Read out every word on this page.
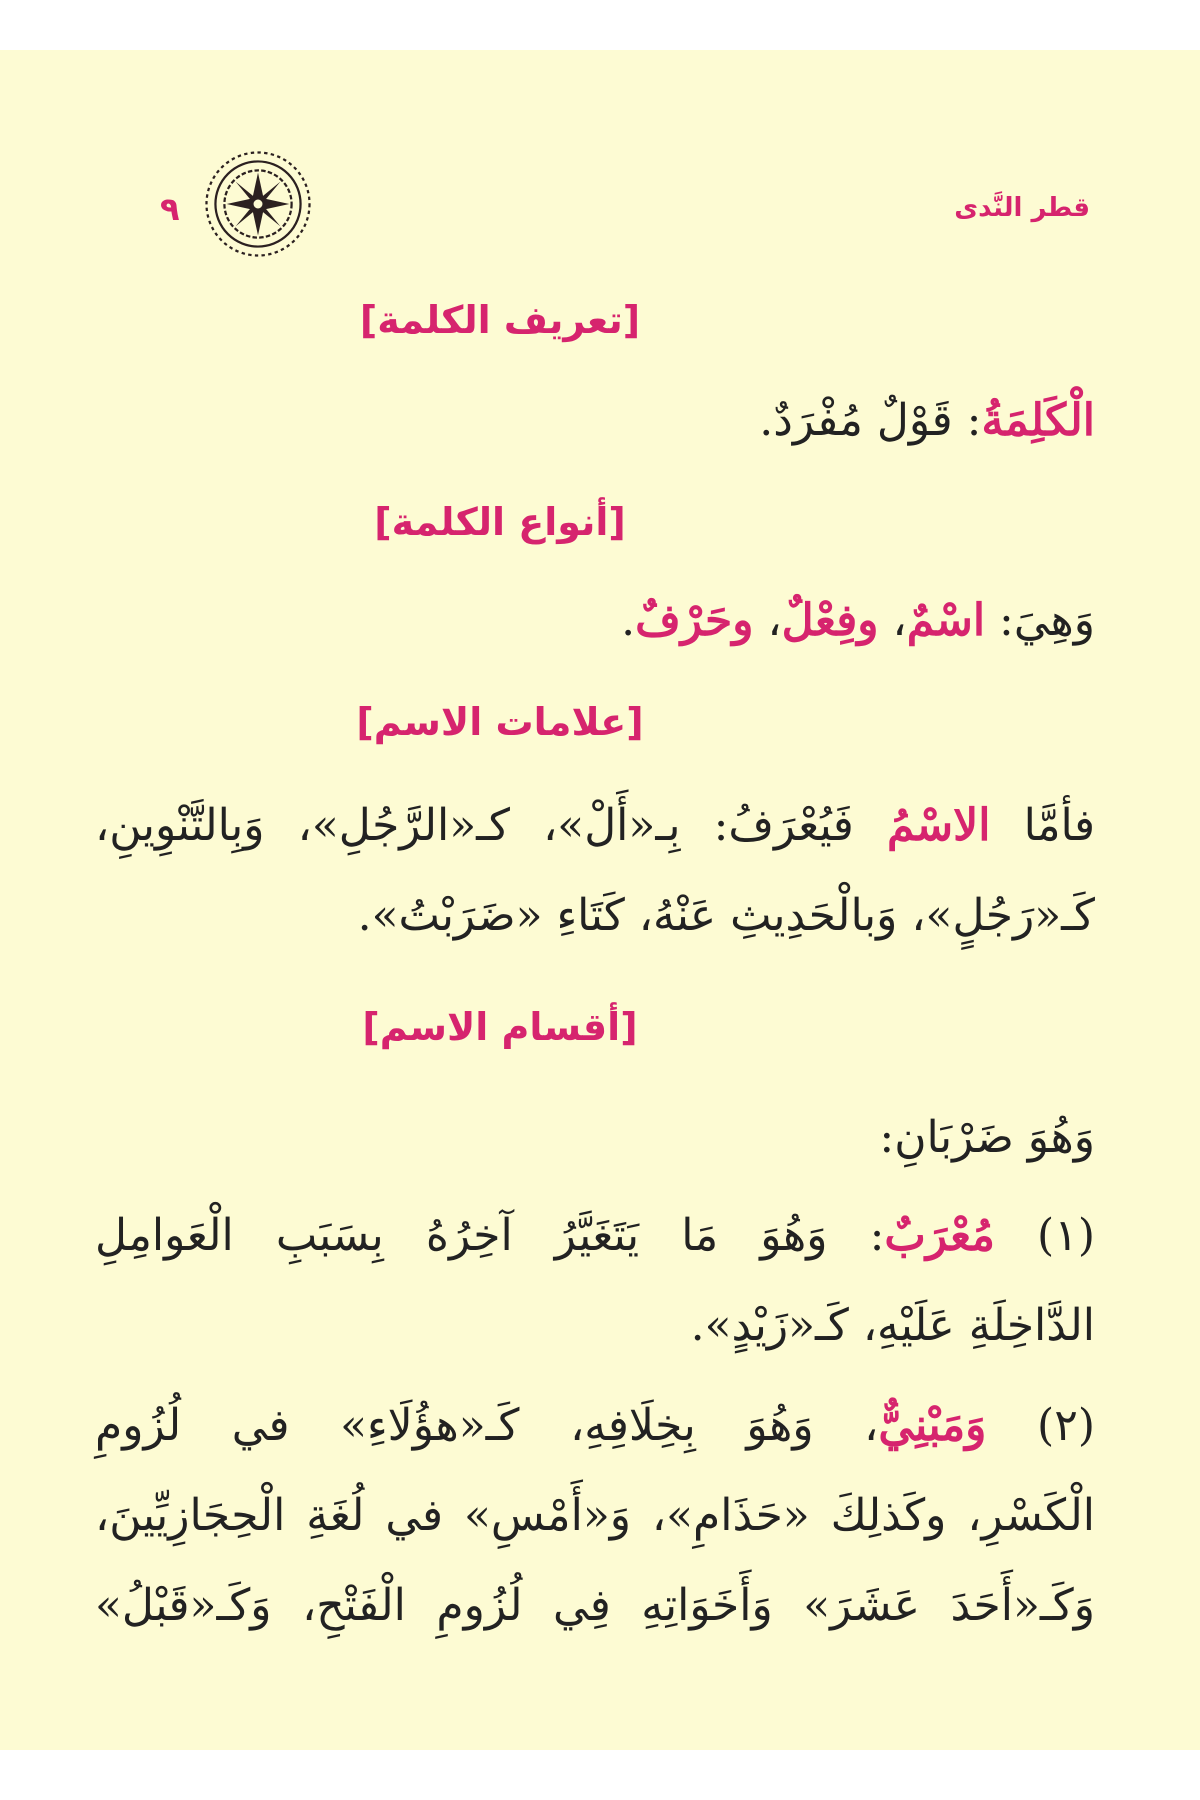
قطر النَّدى
٩
[تعريف الكلمة]
الْكَلِمَةُ: قَوْلٌ مُفْرَدٌ.
[أنواع الكلمة]
وَهِيَ: اسْمٌ، وفِعْلٌ، وحَرْفٌ.
[علامات الاسم]
فأمَّا الاسْمُ فَيُعْرَفُ: بِـ«أَلْ»، كـ«الرَّجُلِ»، وَبِالتَّنْوِينِ،
كَـ«رَجُلٍ»، وَبالْحَدِيثِ عَنْهُ، كَتَاءِ «ضَرَبْتُ».
[أقسام الاسم]
وَهُوَ ضَرْبَانِ:
(١) مُعْرَبٌ: وَهُوَ مَا يَتَغَيَّرُ آخِرُهُ بِسَبَبِ الْعَوامِلِ
الدَّاخِلَةِ عَلَيْهِ، كَـ«زَيْدٍ».
(٢) وَمَبْنِيٌّ، وَهُوَ بِخِلَافِهِ، كَـ«هؤُلَاءِ» في لُزُومِ
الْكَسْرِ، وكَذلِكَ «حَذَامِ»، وَ«أَمْسِ» في لُغَةِ الْحِجَازِيِّينَ،
وَكَـ«أَحَدَ عَشَرَ» وَأَخَوَاتِهِ فِي لُزُومِ الْفَتْحِ، وَكَـ«قَبْلُ»
